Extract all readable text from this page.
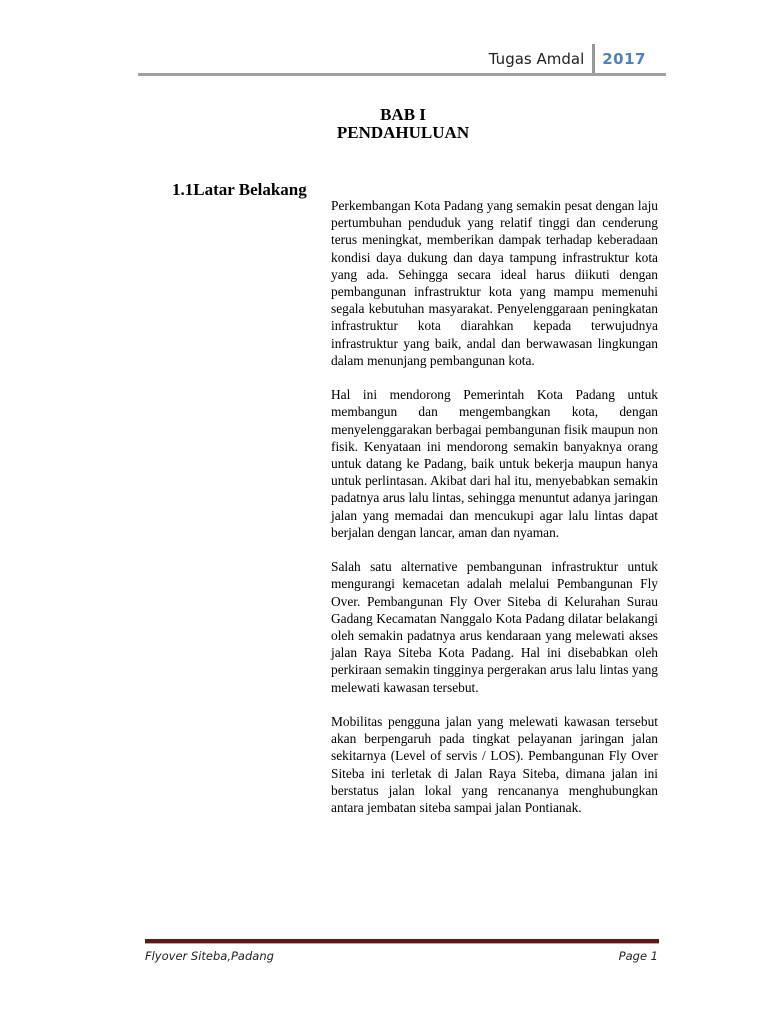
Tugas Amdal	2017
BAB I
PENDAHULUAN
1.1Latar Belakang

Perkembangan Kota Padang yang semakin pesat dengan laju pertumbuhan penduduk yang relatif tinggi dan cenderung terus meningkat, memberikan dampak terhadap keberadaan kondisi daya dukung dan daya tampung infrastruktur kota yang ada. Sehingga secara ideal harus diikuti dengan pembangunan infrastruktur kota yang mampu memenuhi segala kebutuhan masyarakat. Penyelenggaraan peningkatan infrastruktur kota diarahkan kepada terwujudnya infrastruktur yang baik, andal dan berwawasan lingkungan dalam menunjang pembangunan kota.

Hal ini mendorong Pemerintah Kota Padang untuk membangun dan mengembangkan kota, dengan menyelenggarakan berbagai pembangunan fisik maupun non fisik. Kenyataan ini mendorong semakin banyaknya orang untuk datang ke Padang, baik untuk bekerja maupun hanya untuk perlintasan. Akibat dari hal itu, menyebabkan semakin padatnya arus lalu lintas, sehingga menuntut adanya jaringan jalan yang memadai dan mencukupi agar lalu lintas dapat berjalan dengan lancar, aman dan nyaman.

Salah satu alternative pembangunan infrastruktur untuk mengurangi kemacetan adalah melalui Pembangunan Fly Over. Pembangunan Fly Over Siteba di Kelurahan Surau Gadang Kecamatan Nanggalo Kota Padang dilatar belakangi oleh semakin padatnya arus kendaraan yang melewati akses jalan Raya Siteba Kota Padang. Hal ini disebabkan oleh perkiraan semakin tingginya pergerakan arus lalu lintas yang melewati kawasan tersebut.

Mobilitas pengguna jalan yang melewati kawasan tersebut akan berpengaruh pada tingkat pelayanan jaringan jalan sekitarnya (Level of servis / LOS). Pembangunan Fly Over Siteba ini terletak di Jalan Raya Siteba, dimana jalan ini berstatus jalan lokal yang rencananya menghubungkan antara jembatan siteba sampai jalan Pontianak.

Flyover Siteba,Padang	Page 1
